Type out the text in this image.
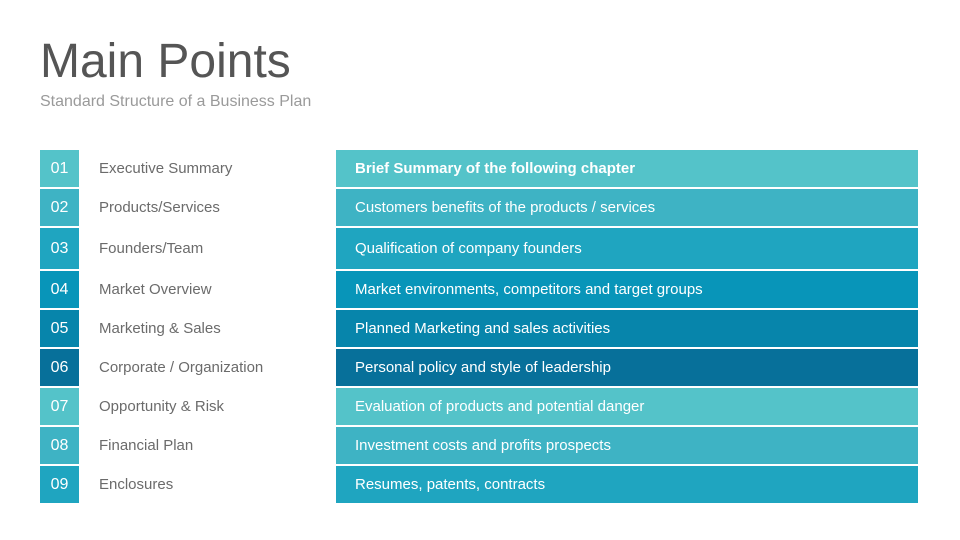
Main Points
Standard Structure of a Business Plan
01	Executive Summary	Brief Summary of the following chapter
02	Products/Services	Customers benefits of the products / services
03	Founders/Team	Qualification of company founders
04	Market Overview	Market environments, competitors and target groups
05	Marketing & Sales	Planned Marketing and sales activities
06	Corporate / Organization	Personal policy and style of leadership
07	Opportunity & Risk	Evaluation of products and potential danger
08	Financial Plan	Investment costs and profits prospects
09	Enclosures	Resumes, patents, contracts
